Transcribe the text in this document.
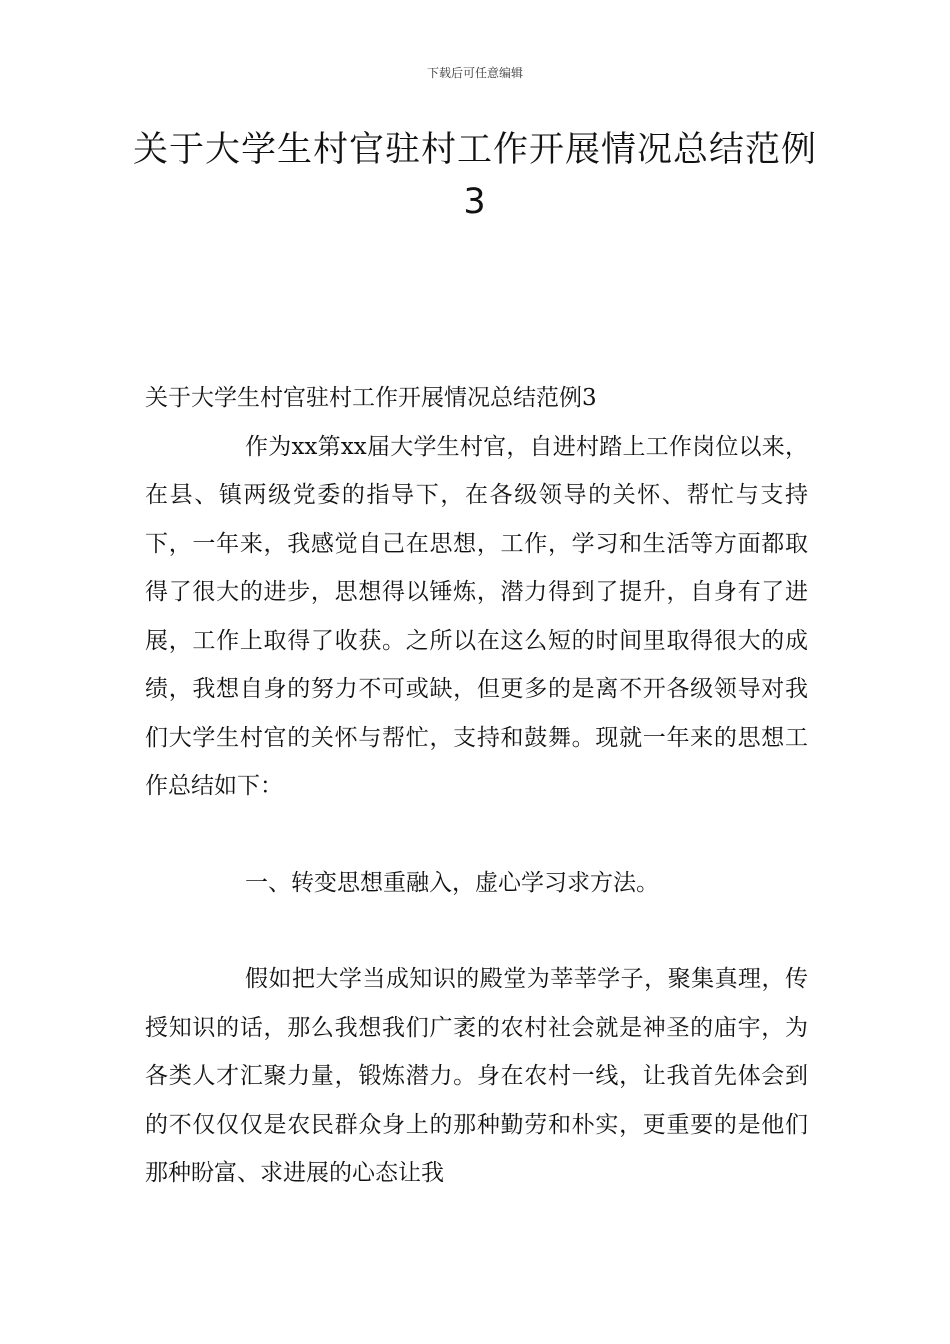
下载后可任意编辑
关于大学生村官驻村工作开展情况总结范例3

关于大学生村官驻村工作开展情况总结范例3

作为xx第xx届大学生村官，自进村踏上工作岗位以来，在县、镇两级党委的指导下，在各级领导的关怀、帮忙与支持下，一年来，我感觉自己在思想，工作，学习和生活等方面都取得了很大的进步，思想得以锤炼，潜力得到了提升，自身有了进展，工作上取得了收获。之所以在这么短的时间里取得很大的成绩，我想自身的努力不可或缺，但更多的是离不开各级领导对我们大学生村官的关怀与帮忙，支持和鼓舞。现就一年来的思想工作总结如下：

一、转变思想重融入，虚心学习求方法。

假如把大学当成知识的殿堂为莘莘学子，聚集真理，传授知识的话，那么我想我们广袤的农村社会就是神圣的庙宇，为各类人才汇聚力量，锻炼潜力。身在农村一线，让我首先体会到的不仅仅仅是农民群众身上的那种勤劳和朴实，更重要的是他们那种盼富、求进展的心态让我
